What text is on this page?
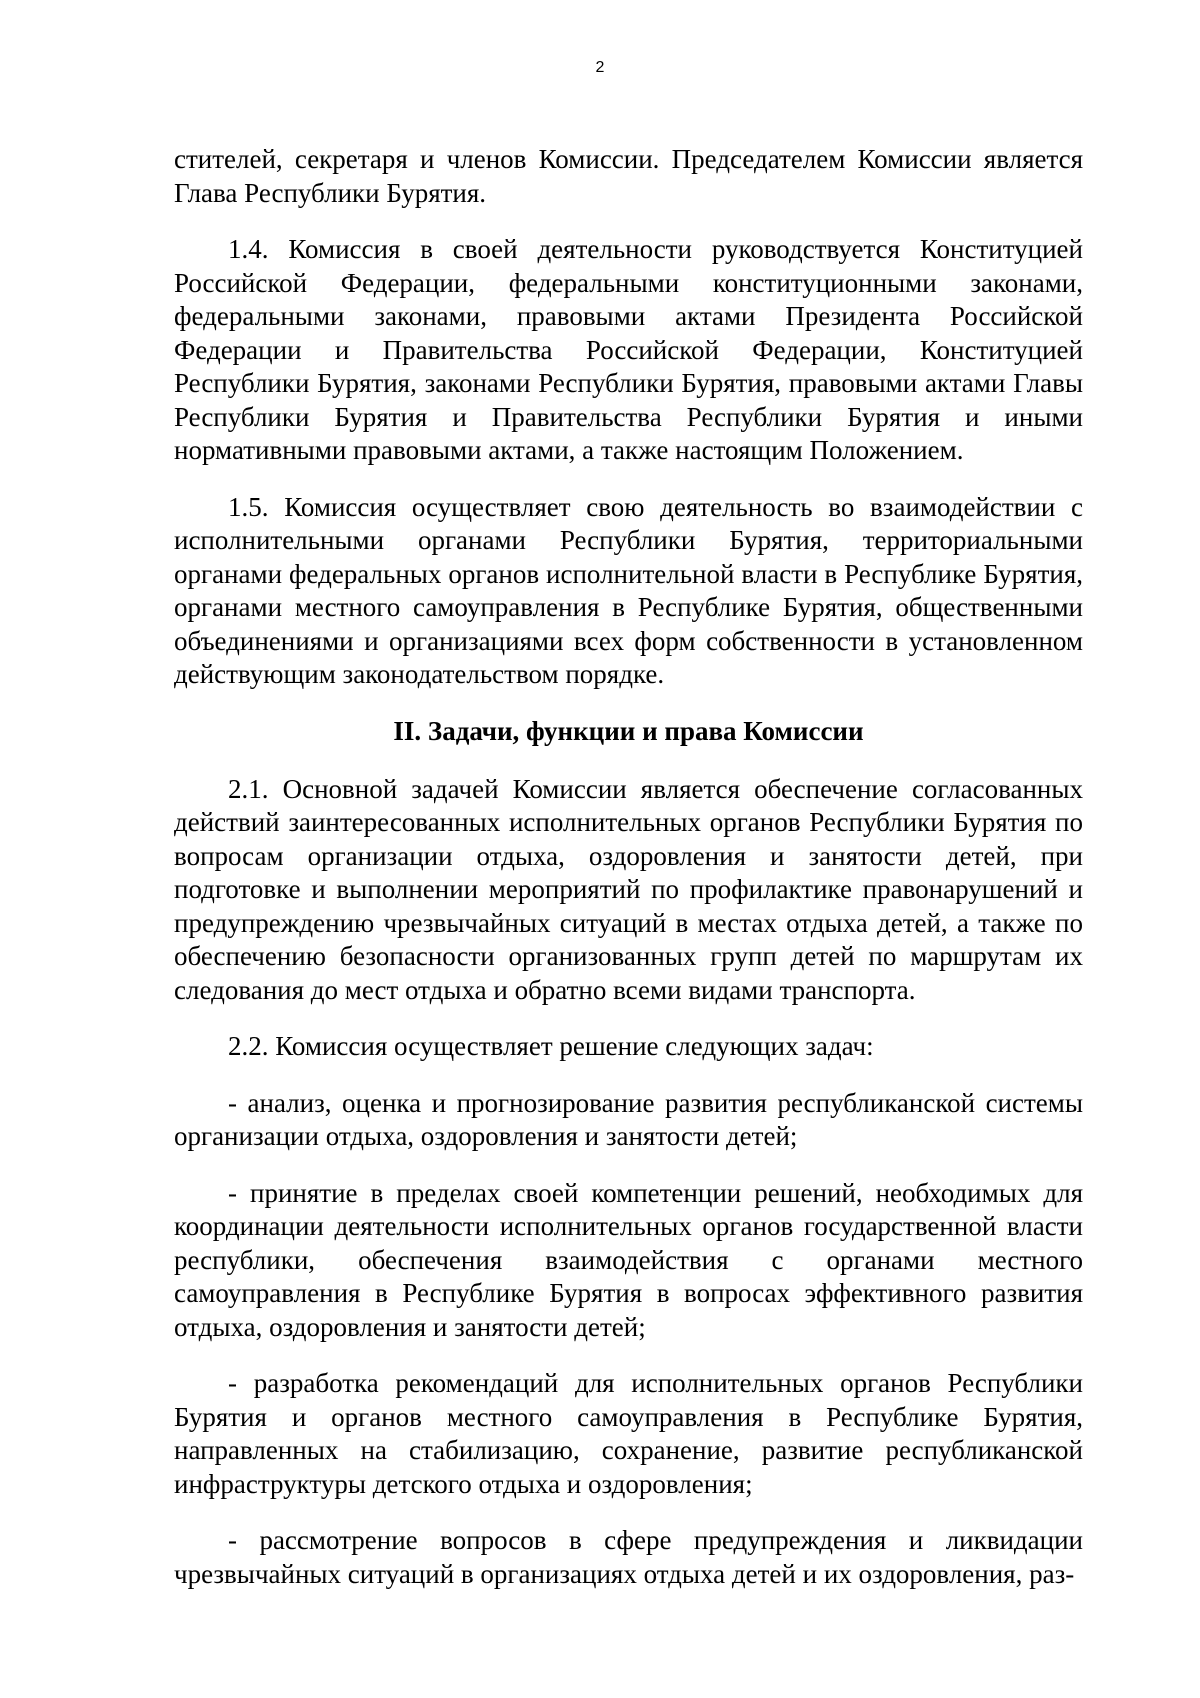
2

стителей, секретаря и членов Комиссии. Председателем Комиссии является Глава Республики Бурятия.

1.4. Комиссия в своей деятельности руководствуется Конституцией Российской Федерации, федеральными конституционными законами, федеральными законами, правовыми актами Президента Российской Федерации и Правительства Российской Федерации, Конституцией Республики Бурятия, законами Республики Бурятия, правовыми актами Главы Республики Бурятия и Правительства Республики Бурятия и иными нормативными правовыми актами, а также настоящим Положением.

1.5. Комиссия осуществляет свою деятельность во взаимодействии с исполнительными органами Республики Бурятия, территориальными органами федеральных органов исполнительной власти в Республике Бурятия, органами местного самоуправления в Республике Бурятия, общественными объединениями и организациями всех форм собственности в установленном действующим законодательством порядке.

II. Задачи, функции и права Комиссии

2.1. Основной задачей Комиссии является обеспечение согласованных действий заинтересованных исполнительных органов Республики Бурятия по вопросам организации отдыха, оздоровления и занятости детей, при подготовке и выполнении мероприятий по профилактике правонарушений и предупреждению чрезвычайных ситуаций в местах отдыха детей, а также по обеспечению безопасности организованных групп детей по маршрутам их следования до мест отдыха и обратно всеми видами транспорта.

2.2. Комиссия осуществляет решение следующих задач:

- анализ, оценка и прогнозирование развития республиканской системы организации отдыха, оздоровления и занятости детей;

- принятие в пределах своей компетенции решений, необходимых для координации деятельности исполнительных органов государственной власти республики, обеспечения взаимодействия с органами местного самоуправления в Республике Бурятия в вопросах эффективного развития отдыха, оздоровления и занятости детей;

- разработка рекомендаций для исполнительных органов Республики Бурятия и органов местного самоуправления в Республике Бурятия, направленных на стабилизацию, сохранение, развитие республиканской инфраструктуры детского отдыха и оздоровления;

- рассмотрение вопросов в сфере предупреждения и ликвидации чрезвычайных ситуаций в организациях отдыха детей и их оздоровления, раз-
